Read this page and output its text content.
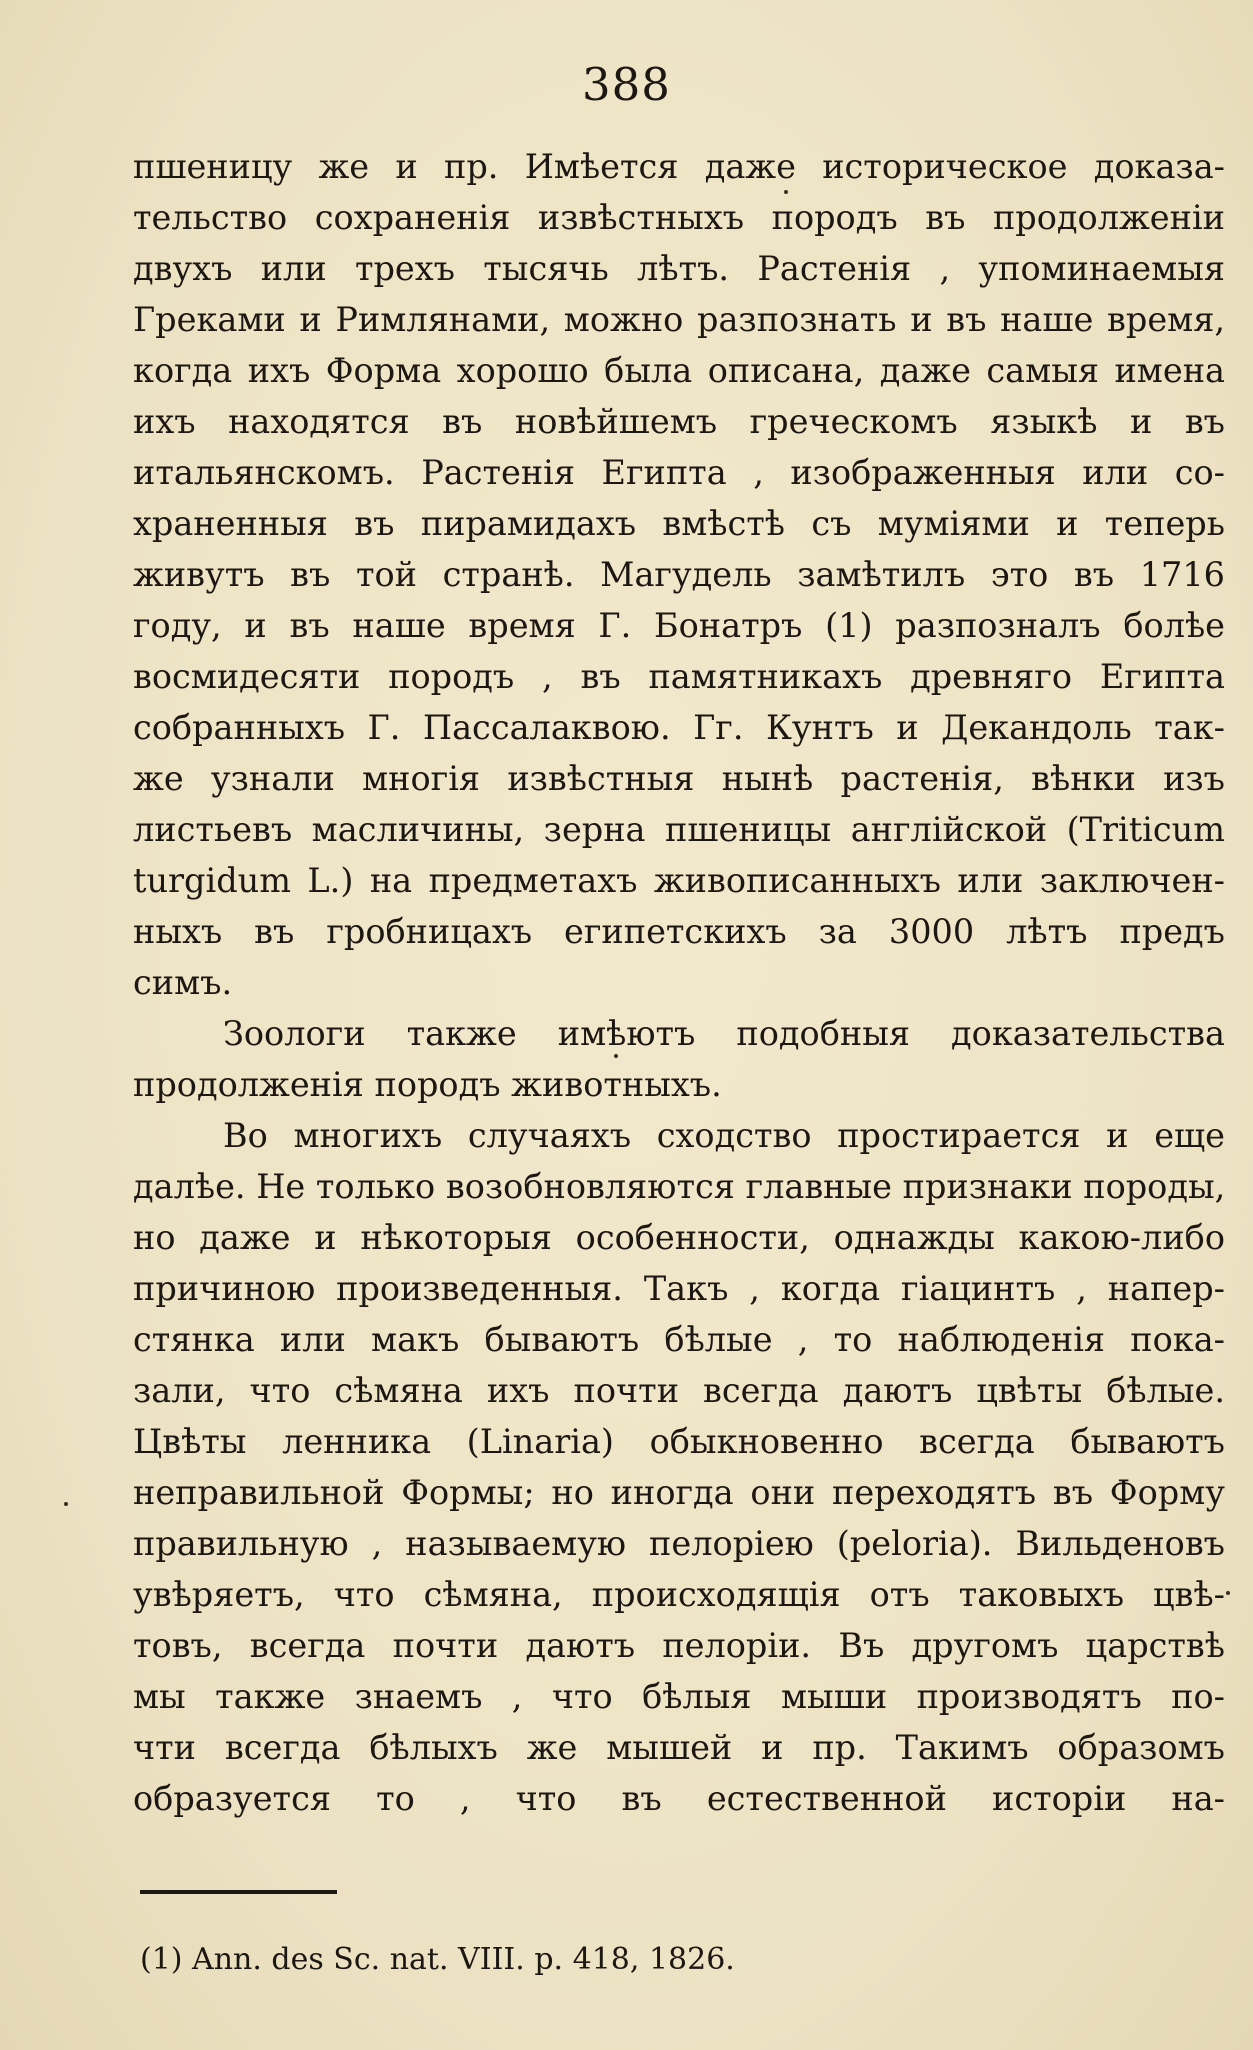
388
пшеницу же и пр. Имѣется даже историческое доказа-
тельство сохраненія извѣстныхъ породъ въ продолженіи
двухъ или трехъ тысячь лѣтъ. Растенія , упоминаемыя
Греками и Римлянами, можно разпознать и въ наше время,
когда ихъ Форма хорошо была описана, даже самыя имена
ихъ находятся въ новѣйшемъ греческомъ языкѣ и въ
итальянскомъ. Растенія Египта , изображенныя или со-
храненныя въ пирамидахъ вмѣстѣ съ мумiями и теперь
живутъ въ той странѣ. Магудель замѣтилъ это въ 1716
году, и въ наше время Г. Бонатръ (1) разпозналъ болѣе
восмидесяти породъ , въ памятникахъ древняго Египта
собранныхъ Г. Пассалаквою. Гг. Кунтъ и Декандоль так-
же узнали многія извѣстныя нынѣ растенія, вѣнки изъ
листьевъ масличины, зерна пшеницы англійской (Triticum
turgidum L.) на предметахъ живописанныхъ или заключен-
ныхъ въ гробницахъ египетскихъ за 3000 лѣтъ предъ
симъ.
Зоологи также имѣютъ подобныя доказательства
продолженія породъ животныхъ.
Во многихъ случаяхъ сходство простирается и еще
далѣе. Не только возобновляются главные признаки породы,
но даже и нѣкоторыя особенности, однажды какою-либо
причиною произведенныя. Такъ , когда гіацинтъ , напер-
стянка или макъ бываютъ бѣлые , то наблюденія пока-
зали, что сѣмяна ихъ почти всегда даютъ цвѣты бѣлые.
Цвѣты ленника (Linaria) обыкновенно всегда бываютъ
неправильной Формы; но иногда они переходятъ въ Форму
правильную , называемую пелоріею (peloria). Вильденовъ
увѣряетъ, что сѣмяна, происходящія отъ таковыхъ цвѣ-
товъ, всегда почти даютъ пелоріи. Въ другомъ царствѣ
мы также знаемъ , что бѣлыя мыши производятъ по-
чти всегда бѣлыхъ же мышей и пр. Такимъ образомъ
образуется то , что въ естественной исторіи на-
(1) Ann. des Sc. nat. VIII. p. 418, 1826.
